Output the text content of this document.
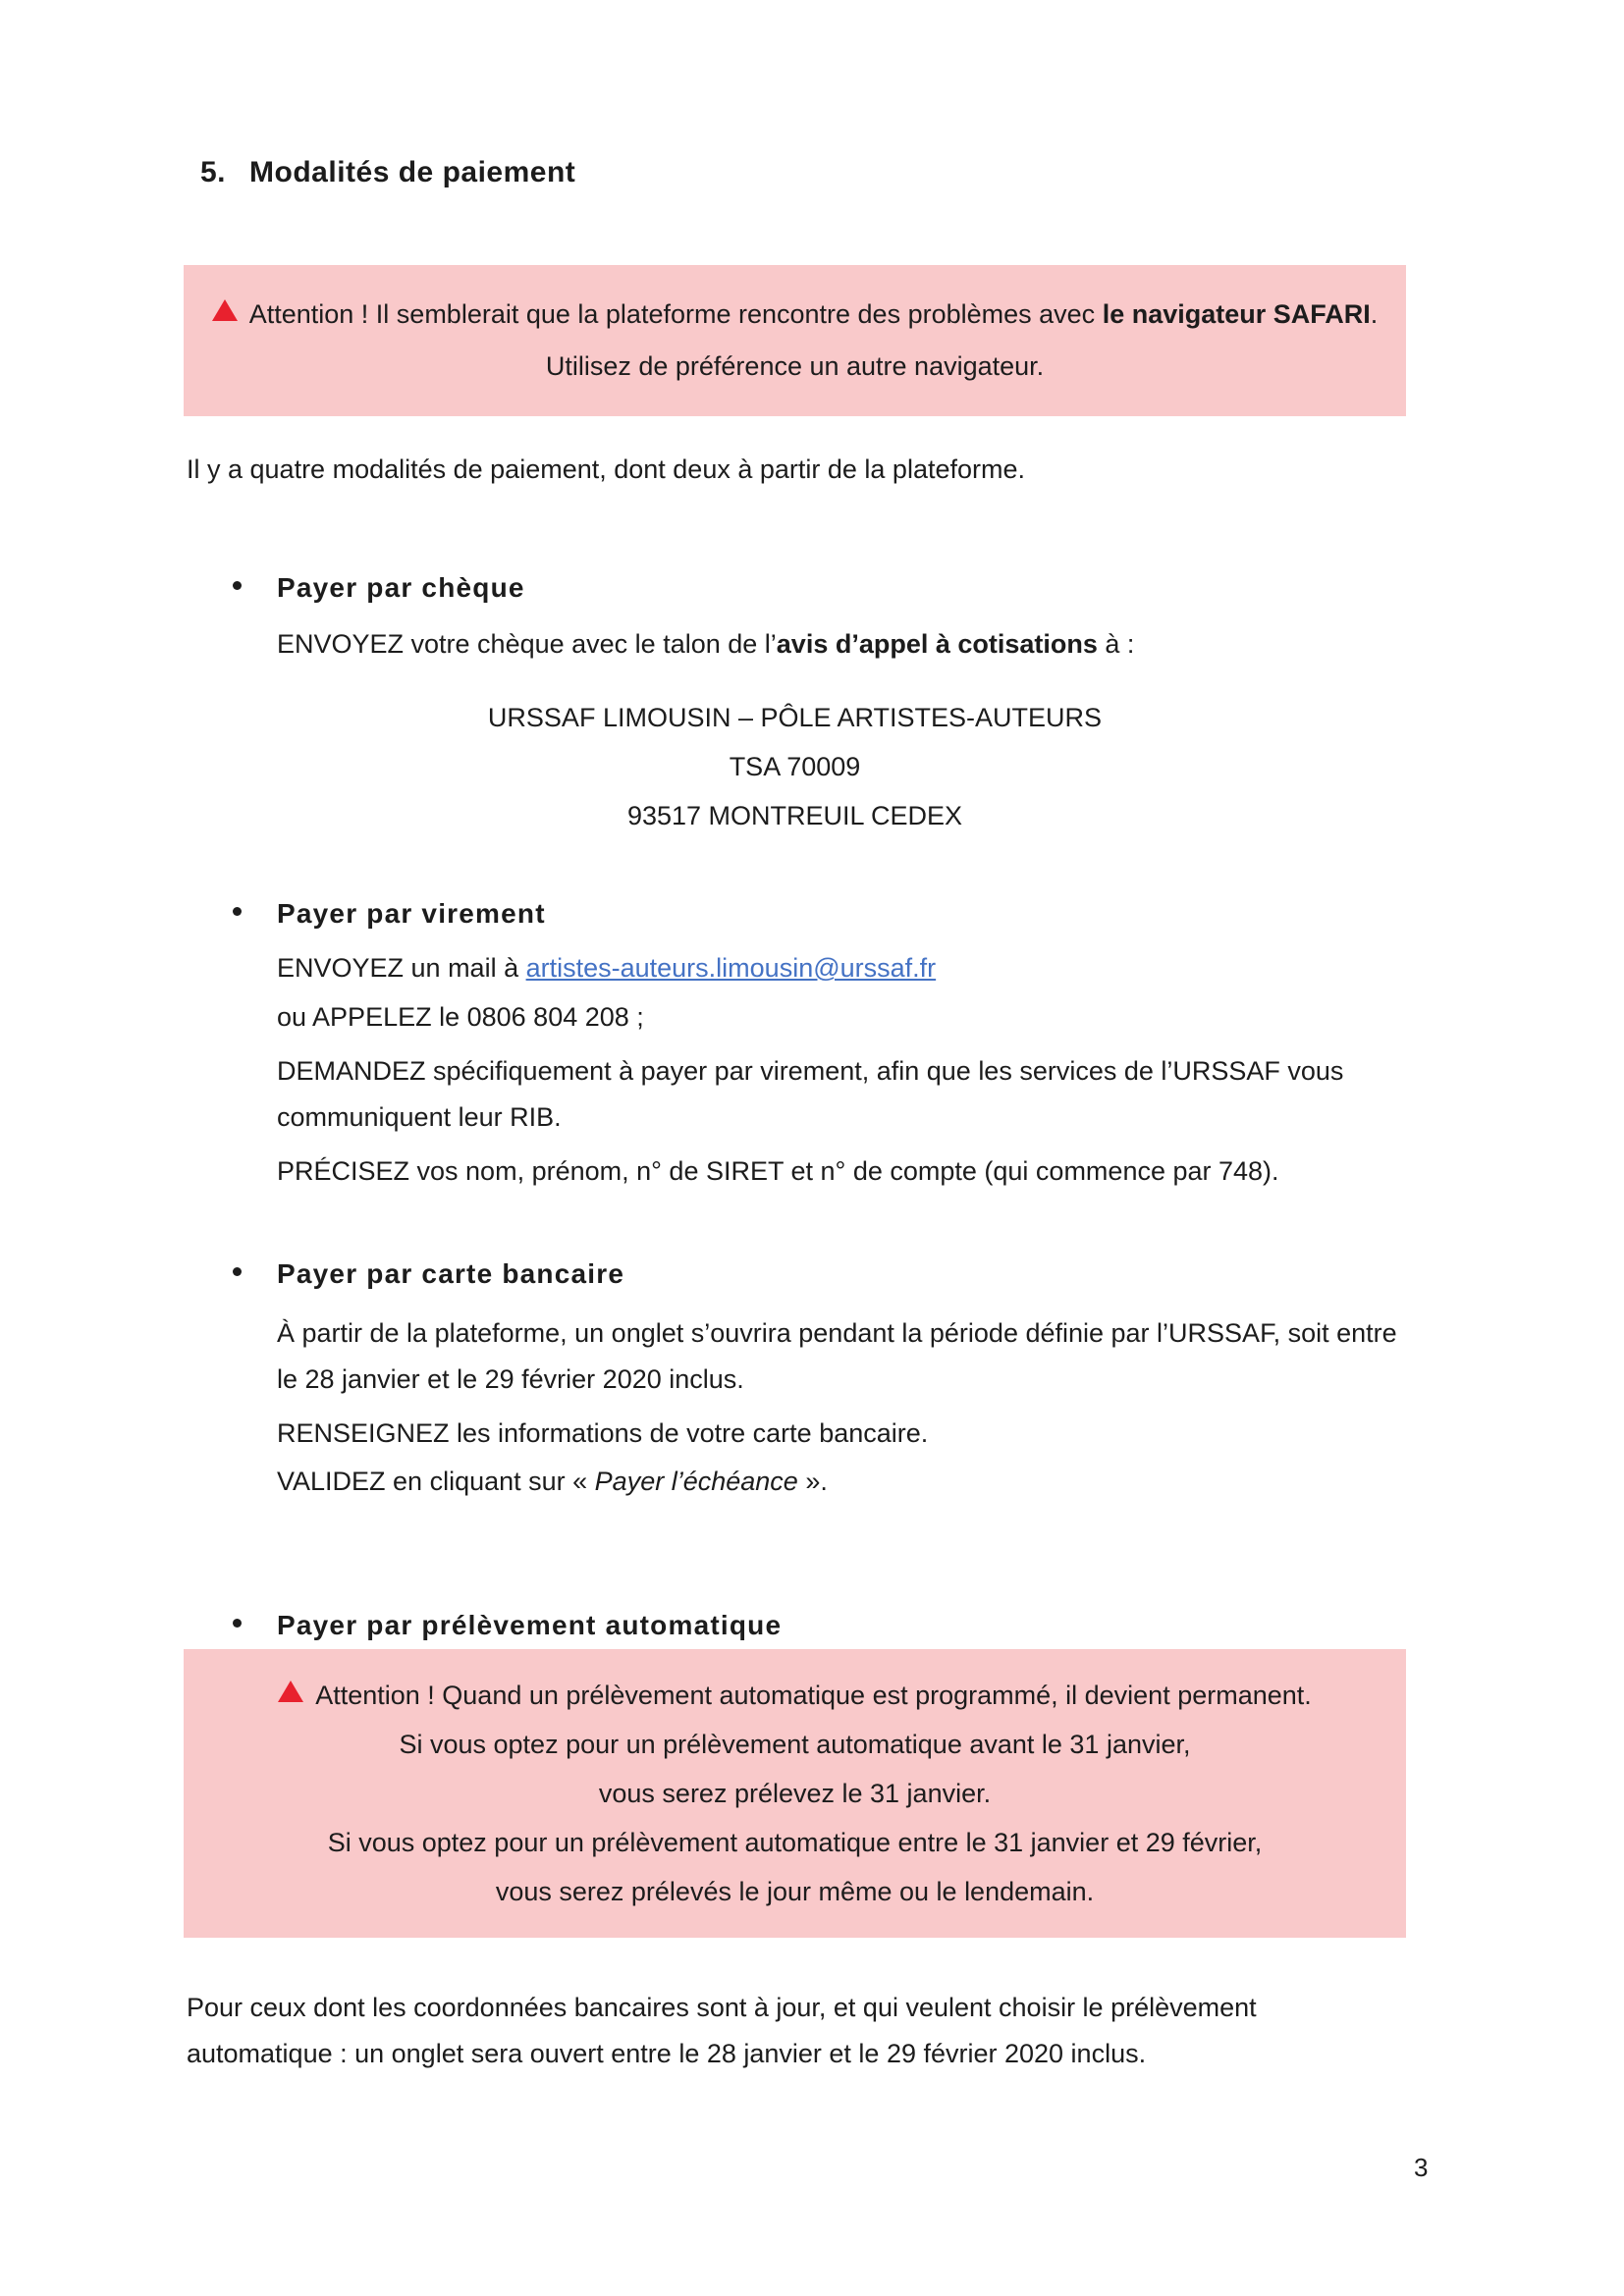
5. Modalités de paiement
Attention ! Il semblerait que la plateforme rencontre des problèmes avec le navigateur SAFARI. Utilisez de préférence un autre navigateur.
Il y a quatre modalités de paiement, dont deux à partir de la plateforme.
Payer par chèque
ENVOYEZ votre chèque avec le talon de l’avis d’appel à cotisations à :
URSSAF LIMOUSIN – PÔLE ARTISTES-AUTEURS
TSA 70009
93517 MONTREUIL CEDEX
Payer par virement
ENVOYEZ un mail à artistes-auteurs.limousin@urssaf.fr
ou APPELEZ le 0806 804 208 ;
DEMANDEZ spécifiquement à payer par virement, afin que les services de l’URSSAF vous communiquent leur RIB.
PRÉCISEZ vos nom, prénom, n° de SIRET et n° de compte (qui commence par 748).
Payer par carte bancaire
À partir de la plateforme, un onglet s’ouvrira pendant la période définie par l’URSSAF, soit entre le 28 janvier et le 29 février 2020 inclus.
RENSEIGNEZ les informations de votre carte bancaire.
VALIDEZ en cliquant sur « Payer l’échéance ».
Payer par prélèvement automatique
Attention ! Quand un prélèvement automatique est programmé, il devient permanent.
Si vous optez pour un prélèvement automatique avant le 31 janvier,
vous serez prélevez le 31 janvier.
Si vous optez pour un prélèvement automatique entre le 31 janvier et 29 février,
vous serez prélevés le jour même ou le lendemain.
Pour ceux dont les coordonnées bancaires sont à jour, et qui veulent choisir le prélèvement automatique : un onglet sera ouvert entre le 28 janvier et le 29 février 2020 inclus.
3
